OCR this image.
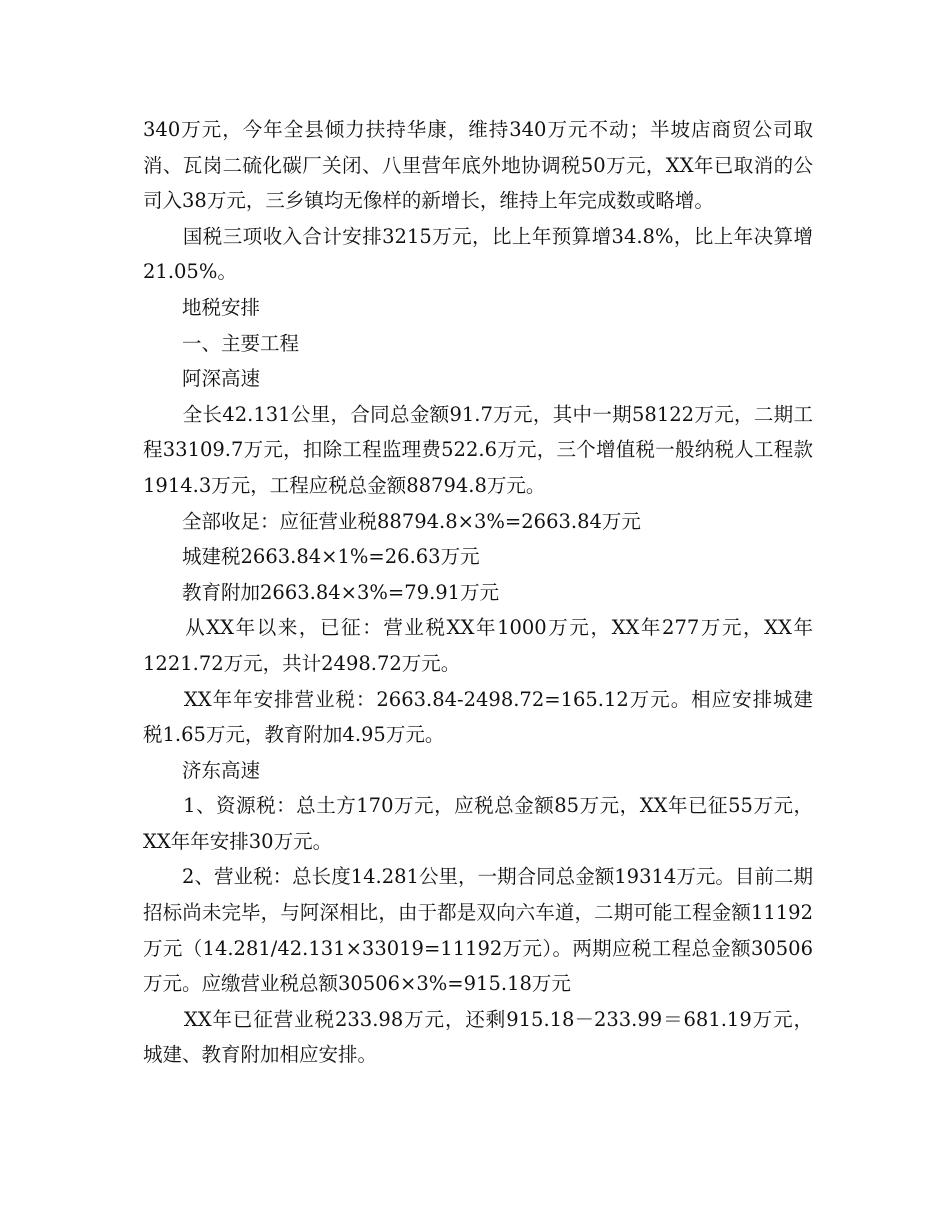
340万元，今年全县倾力扶持华康，维持340万元不动；半坡店商贸公司取消、瓦岗二硫化碳厂关闭、八里营年底外地协调税50万元，XX年已取消的公司入38万元，三乡镇均无像样的新增长，维持上年完成数或略增。

　　国税三项收入合计安排3215万元，比上年预算增34.8%，比上年决算增21.05%。

　　地税安排

　　一、主要工程

　　阿深高速

　　全长42.131公里，合同总金额91.7万元，其中一期58122万元，二期工程33109.7万元，扣除工程监理费522.6万元，三个增值税一般纳税人工程款1914.3万元，工程应税总金额88794.8万元。

　　全部收足：应征营业税88794.8×3%=2663.84万元

　　城建税2663.84×1%=26.63万元

　　教育附加2663.84×3%=79.91万元

　　从XX年以来，已征：营业税XX年1000万元，XX年277万元，XX年1221.72万元，共计2498.72万元。

　　XX年年安排营业税：2663.84-2498.72=165.12万元。相应安排城建税1.65万元，教育附加4.95万元。

　　济东高速

　　1、资源税：总土方170万元，应税总金额85万元，XX年已征55万元，XX年年安排30万元。

　　2、营业税：总长度14.281公里，一期合同总金额19314万元。目前二期招标尚未完毕，与阿深相比，由于都是双向六车道，二期可能工程金额11192万元（14.281/42.131×33019=11192万元）。两期应税工程总金额30506万元。应缴营业税总额30506×3%=915.18万元

　　XX年已征营业税233.98万元，还剩915.18－233.99＝681.19万元，城建、教育附加相应安排。
